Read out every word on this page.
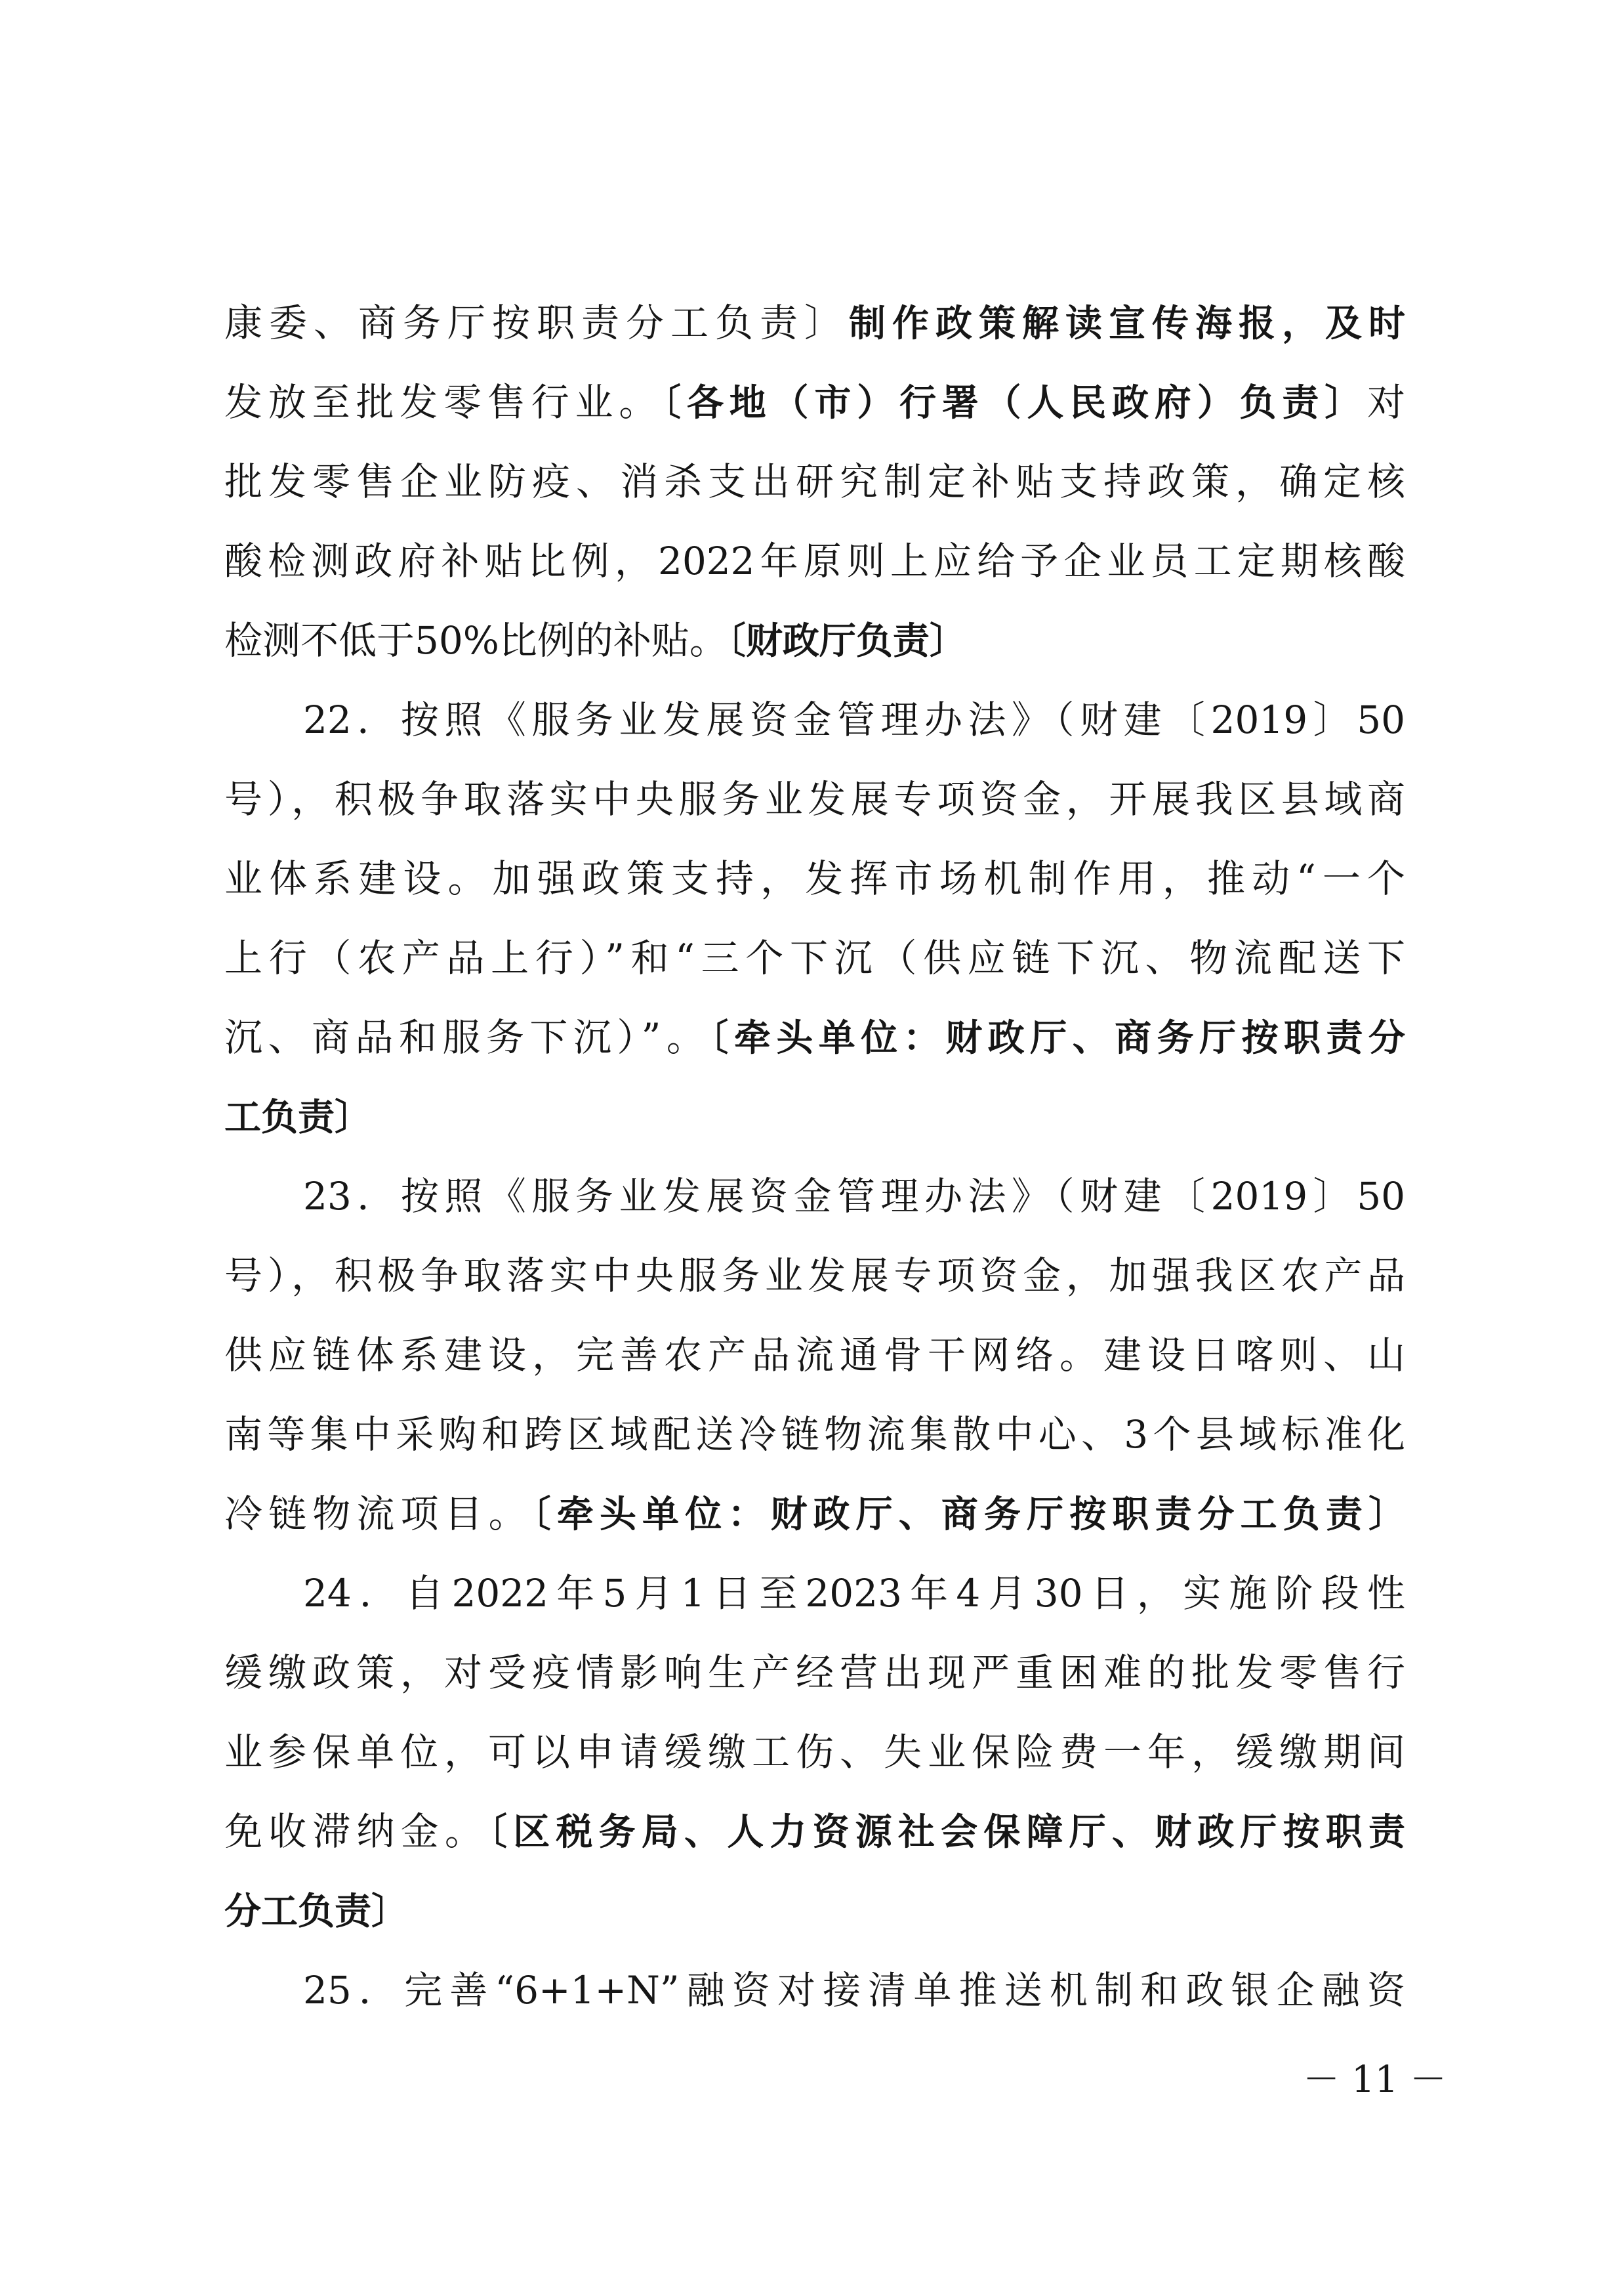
康委、商务厅按职责分工负责〕制作政策解读宣传海报，及时
发放至批发零售行业。〔各地（市）行署（人民政府）负责〕对
批发零售企业防疫、消杀支出研究制定补贴支持政策，确定核
酸检测政府补贴比例，2022年原则上应给予企业员工定期核酸
检测不低于50%比例的补贴。〔财政厅负责〕
22．按照《服务业发展资金管理办法》（财建〔2019〕50
号），积极争取落实中央服务业发展专项资金，开展我区县域商
业体系建设。加强政策支持，发挥市场机制作用，推动“一个
上行（农产品上行）”和“三个下沉（供应链下沉、物流配送下
沉、商品和服务下沉）”。〔牵头单位：财政厅、商务厅按职责分
工负责〕
23．按照《服务业发展资金管理办法》（财建〔2019〕50
号），积极争取落实中央服务业发展专项资金，加强我区农产品
供应链体系建设，完善农产品流通骨干网络。建设日喀则、山
南等集中采购和跨区域配送冷链物流集散中心、3个县域标准化
冷链物流项目。〔牵头单位：财政厅、商务厅按职责分工负责〕
24．自2022年5月1日至2023年4月30日，实施阶段性
缓缴政策，对受疫情影响生产经营出现严重困难的批发零售行
业参保单位，可以申请缓缴工伤、失业保险费一年，缓缴期间
免收滞纳金。〔区税务局、人力资源社会保障厅、财政厅按职责
分工负责〕
25．完善“6+1+N”融资对接清单推送机制和政银企融资
－ 11 －
